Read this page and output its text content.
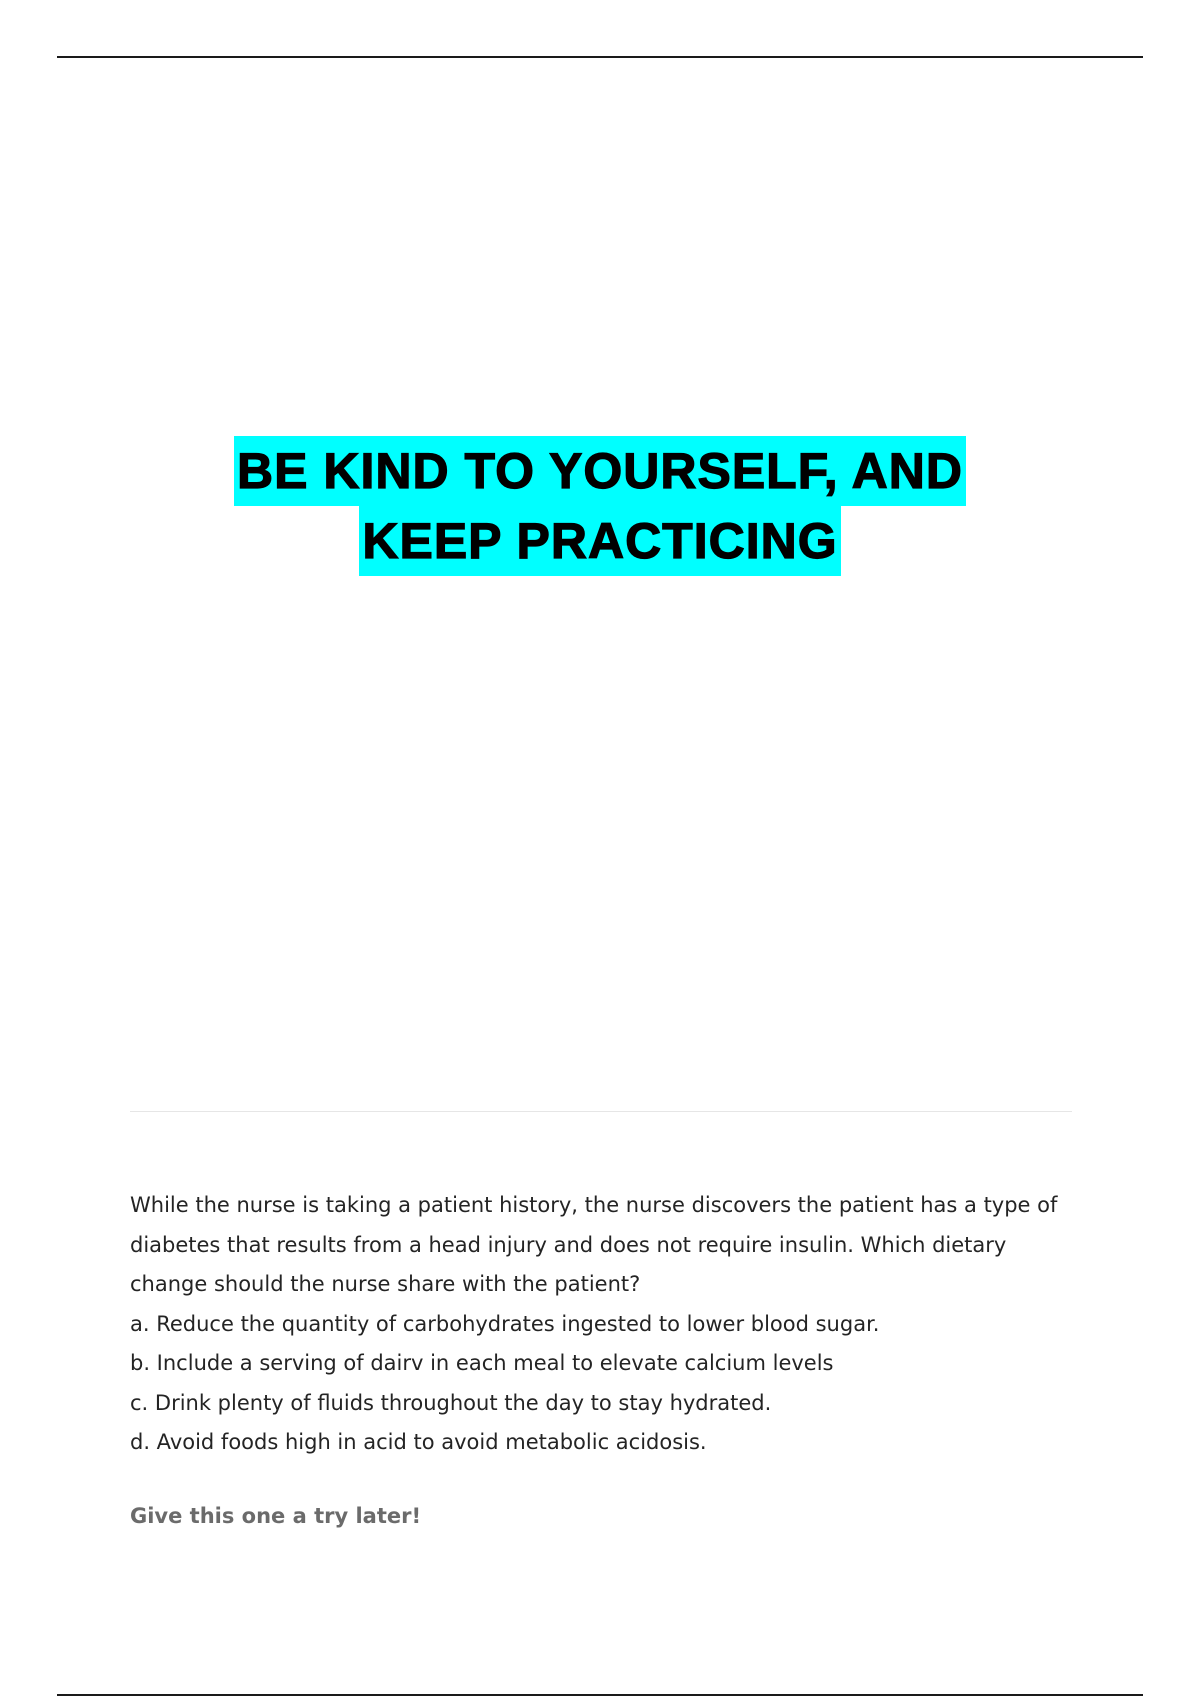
BE KIND TO YOURSELF, AND
KEEP PRACTICING

While the nurse is taking a patient history, the nurse discovers the patient has a type of diabetes that results from a head injury and does not require insulin. Which dietary change should the nurse share with the patient?

a. Reduce the quantity of carbohydrates ingested to lower blood sugar.
b. Include a serving of dairv in each meal to elevate calcium levels
c. Drink plenty of fluids throughout the day to stay hydrated.
d. Avoid foods high in acid to avoid metabolic acidosis.
Give this one a try later!
